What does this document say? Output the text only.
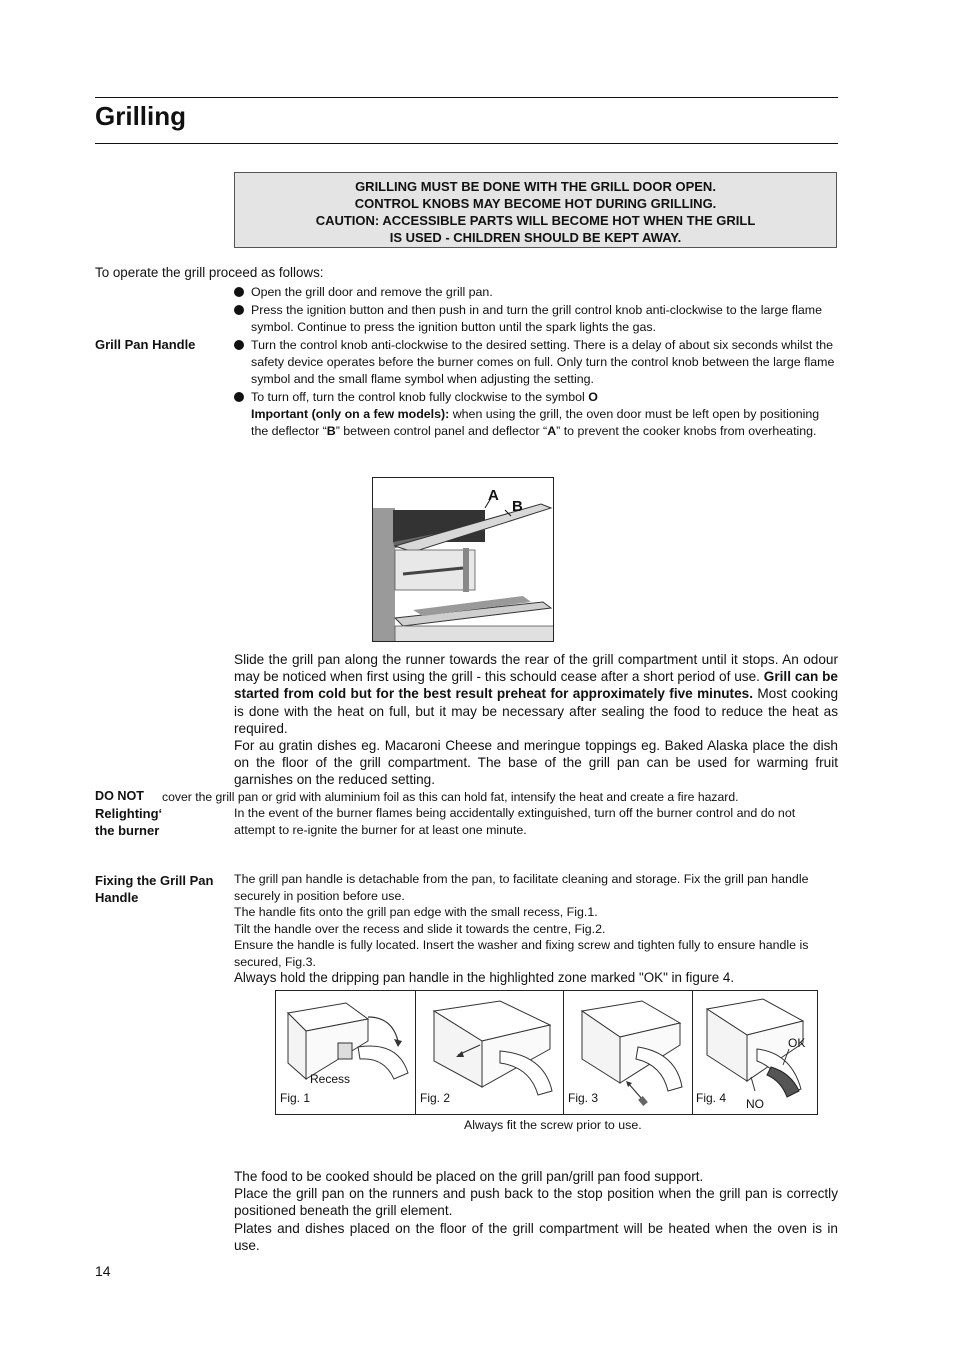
Grilling
GRILLING MUST BE DONE WITH THE GRILL DOOR OPEN.
CONTROL KNOBS MAY BECOME HOT DURING GRILLING.
CAUTION: ACCESSIBLE PARTS WILL BECOME HOT WHEN THE GRILL
IS USED - CHILDREN SHOULD BE KEPT AWAY.
To operate the grill proceed as follows:
Open the grill door and remove the grill pan.
Press the ignition button and then push in and turn the grill control knob anti-clockwise to the large flame symbol. Continue to press the ignition button until the spark lights the gas.
Grill Pan Handle	Turn the control knob anti-clockwise to the desired setting. There is a delay of about six seconds whilst the safety device operates before the burner comes on full. Only turn the control knob between the large flame symbol and the small flame symbol when adjusting the setting.
To turn off, turn the control knob fully clockwise to the symbol O
Important (only on a few models): when using the grill, the oven door must be left open by positioning the deflector “B” between control panel and deflector “A” to prevent the cooker knobs from overheating.
A
B
Slide the grill pan along the runner towards the rear of the grill compartment until it stops. An odour may be noticed when first using the grill - this schould cease after a short period of use. Grill can be started from cold but for the best result preheat for approximately five minutes. Most cooking is done with the heat on full, but it may be necessary after sealing the food to reduce the heat as required.
For au gratin dishes eg. Macaroni Cheese and meringue toppings eg. Baked Alaska place the dish on the floor of the grill compartment. The base of the grill pan can be used for warming fruit garnishes on the reduced setting.
DO NOT cover the grill pan or grid with aluminium foil as this can hold fat, intensify the heat and create a fire hazard.
Relighting‘
the burner
In the event of the burner flames being accidentally extinguished, turn off the burner control and do not attempt to re-ignite the burner for at least one minute.
Fixing the Grill Pan
Handle
The grill pan handle is detachable from the pan, to facilitate cleaning and storage. Fix the grill pan handle securely in position before use.
The handle fits onto the grill pan edge with the small recess, Fig.1.
Tilt the handle over the recess and slide it towards the centre, Fig.2.
Ensure the handle is fully located. Insert the washer and fixing screw and tighten fully to ensure handle is secured, Fig.3.
Always hold the dripping pan handle in the highlighted zone marked "OK" in figure 4.
Recess
Fig. 1	Fig. 2	Fig. 3
OK
NO
Fig. 4
Always fit the screw prior to use.
The food to be cooked should be placed on the grill pan/grill pan food support.
Place the grill pan on the runners and push back to the stop position when the grill pan is correctly positioned beneath the grill element.
Plates and dishes placed on the floor of the grill compartment will be heated when the oven is in use.
14
